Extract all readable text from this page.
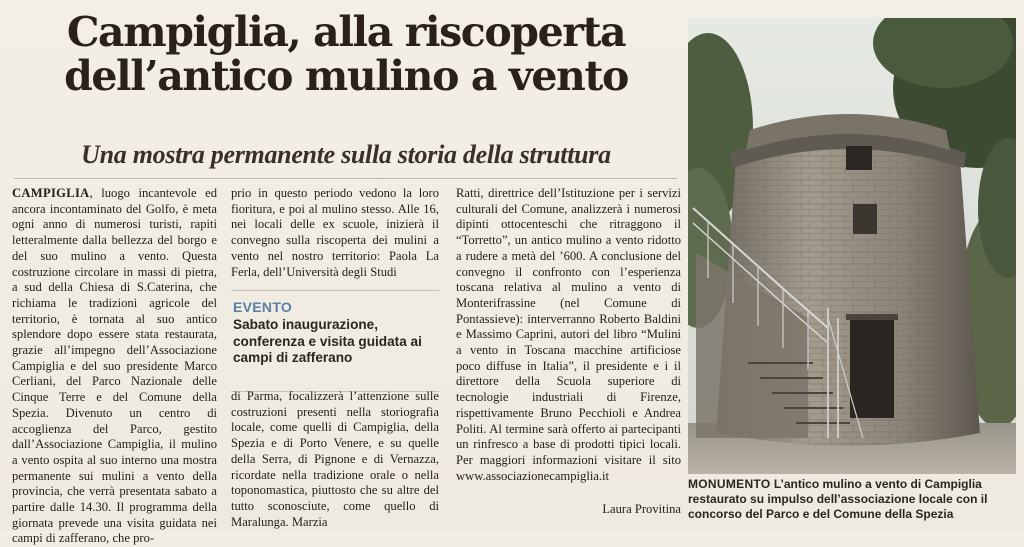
Campiglia, alla riscoperta
dell’antico mulino a vento
Una mostra permanente sulla storia della struttura

CAMPIGLIA, luogo incantevole ed ancora incontaminato del Golfo, è meta ogni anno di numerosi turisti, rapiti letteralmente dalla bellezza del borgo e del suo mulino a vento. Questa costruzione circolare in massi di pietra, a sud della Chiesa di S.Caterina, che richiama le tradizioni agricole del territorio, è tornata al suo antico splendore dopo essere stata restaurata, grazie all’impegno dell’Associazione Campiglia e del suo presidente Marco Cerliani, del Parco Nazionale delle Cinque Terre e del Comune della Spezia. Divenuto un centro di accoglienza del Parco, gestito dall’Associazione Campiglia, il mulino a vento ospita al suo interno una mostra permanente sui mulini a vento della provincia, che verrà presentata sabato a partire dalle 14.30. Il programma della giornata prevede una visita guidata nei campi di zafferano, che pro-

prio in questo periodo vedono la loro fioritura, e poi al mulino stesso. Alle 16, nei locali delle ex scuole, inizierà il convegno sulla riscoperta dei mulini a vento nel nostro territorio: Paola La Ferla, dell’Università degli Studi

EVENTO
Sabato inaugurazione, conferenza e visita guidata ai campi di zafferano

di Parma, focalizzerà l’attenzione sulle costruzioni presenti nella storiografia locale, come quelli di Campiglia, della Spezia e di Porto Venere, e su quelle della Serra, di Pignone e di Vernazza, ricordate nella tradizione orale o nella toponomastica, piuttosto che su altre del tutto sconosciute, come quello di Maralunga. Marzia

Ratti, direttrice dell’Istituzione per i servizi culturali del Comune, analizzerà i numerosi dipinti ottocenteschi che ritraggono il “Torretto”, un antico mulino a vento ridotto a rudere a metà del ’600. A conclusione del convegno il confronto con l’esperienza toscana relativa al mulino a vento di Monterifrassine (nel Comune di Pontassieve): interverranno Roberto Baldini e Massimo Caprini, autori del libro “Mulini a vento in Toscana macchine artificiose poco diffuse in Italia”, il presidente e i il direttore della Scuola superiore di tecnologie industriali di Firenze, rispettivamente Bruno Pecchioli e Andrea Politi. Al termine sarà offerto ai partecipanti un rinfresco a base di prodotti tipici locali. Per maggiori informazioni visitare il sito www.associazionecampiglia.it

Laura Provitina

MONUMENTO L’antico mulino a vento di Campiglia restaurato su impulso dell’associazione locale con il concorso del Parco e del Comune della Spezia
